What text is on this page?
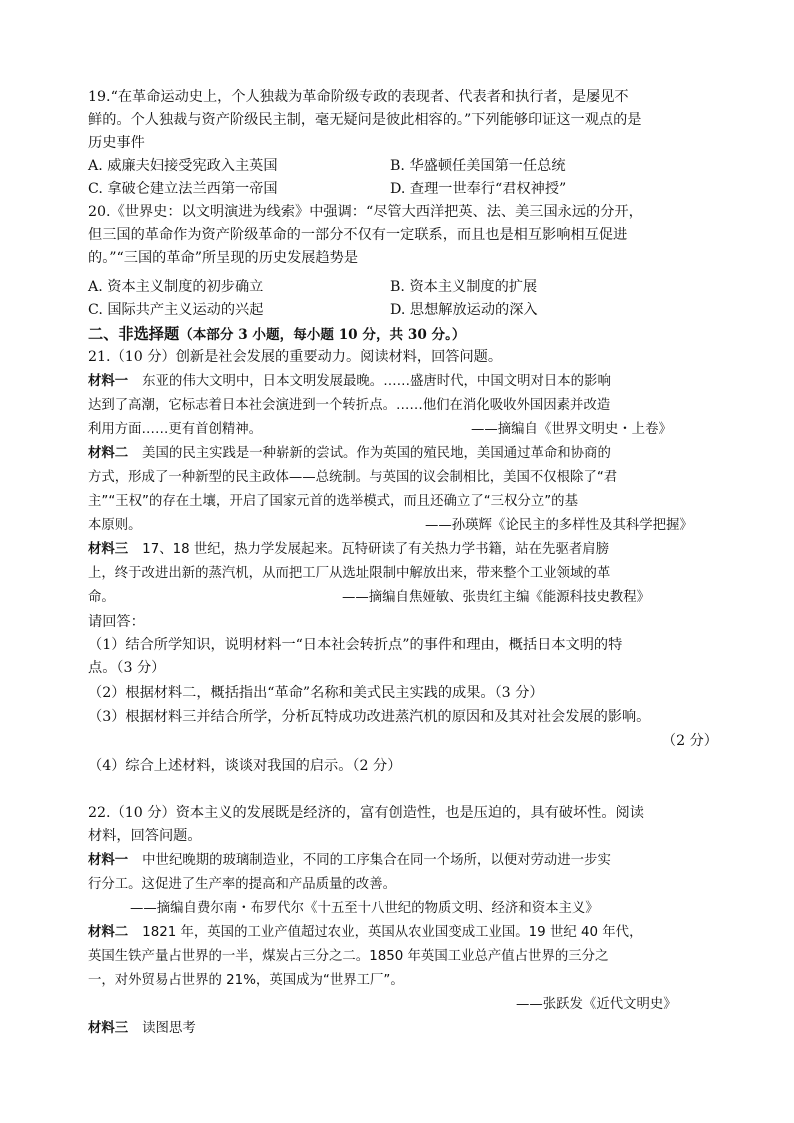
19.“在革命运动史上，个人独裁为革命阶级专政的表现者、代表者和执行者，是屡见不
鲜的。个人独裁与资产阶级民主制，毫无疑问是彼此相容的。”下列能够印证这一观点的是
历史事件
A. 威廉夫妇接受宪政入主英国	B. 华盛顿任美国第一任总统
C. 拿破仑建立法兰西第一帝国	D. 查理一世奉行“君权神授”
20.《世界史：以文明演进为线索》中强调：“尽管大西洋把英、法、美三国永远的分开，
但三国的革命作为资产阶级革命的一部分不仅有一定联系，而且也是相互影响相互促进
的。”“三国的革命”所呈现的历史发展趋势是
A. 资本主义制度的初步确立	B. 资本主义制度的扩展
C. 国际共产主义运动的兴起	D. 思想解放运动的深入
二、非选择题（本部分 3 小题，每小题 10 分，共 30 分。）
21.（10 分）创新是社会发展的重要动力。阅读材料，回答问题。
材料一 东亚的伟大文明中，日本文明发展最晚。……盛唐时代，中国文明对日本的影响
达到了高潮，它标志着日本社会演进到一个转折点。……他们在消化吸收外国因素并改造
利用方面……更有首创精神。	——摘编自《世界文明史・上卷》
材料二 美国的民主实践是一种崭新的尝试。作为英国的殖民地，美国通过革命和协商的
方式，形成了一种新型的民主政体——总统制。与英国的议会制相比，美国不仅根除了“君
主”“王权”的存在土壤，开启了国家元首的选举模式，而且还确立了“三权分立”的基
本原则。	——孙瑛辉《论民主的多样性及其科学把握》
材料三 17、18 世纪，热力学发展起来。瓦特研读了有关热力学书籍，站在先驱者肩膀
上，终于改进出新的蒸汽机，从而把工厂从选址限制中解放出来，带来整个工业领域的革
命。	——摘编自焦娅敏、张贵红主编《能源科技史教程》
请回答：
（1）结合所学知识，说明材料一“日本社会转折点”的事件和理由，概括日本文明的特
点。（3 分）
（2）根据材料二，概括指出“革命”名称和美式民主实践的成果。（3 分）
（3）根据材料三并结合所学，分析瓦特成功改进蒸汽机的原因和及其对社会发展的影响。
（2 分）
（4）综合上述材料，谈谈对我国的启示。（2 分）
22.（10 分）资本主义的发展既是经济的，富有创造性，也是压迫的，具有破坏性。阅读
材料，回答问题。
材料一 中世纪晚期的玻璃制造业，不同的工序集合在同一个场所，以便对劳动进一步实
行分工。这促进了生产率的提高和产品质量的改善。
——摘编自费尔南・布罗代尔《十五至十八世纪的物质文明、经济和资本主义》
材料二 1821 年，英国的工业产值超过农业，英国从农业国变成工业国。19 世纪 40 年代，
英国生铁产量占世界的一半，煤炭占三分之二。1850 年英国工业总产值占世界的三分之
一，对外贸易占世界的 21%，英国成为“世界工厂”。
——张跃发《近代文明史》
材料三 读图思考
